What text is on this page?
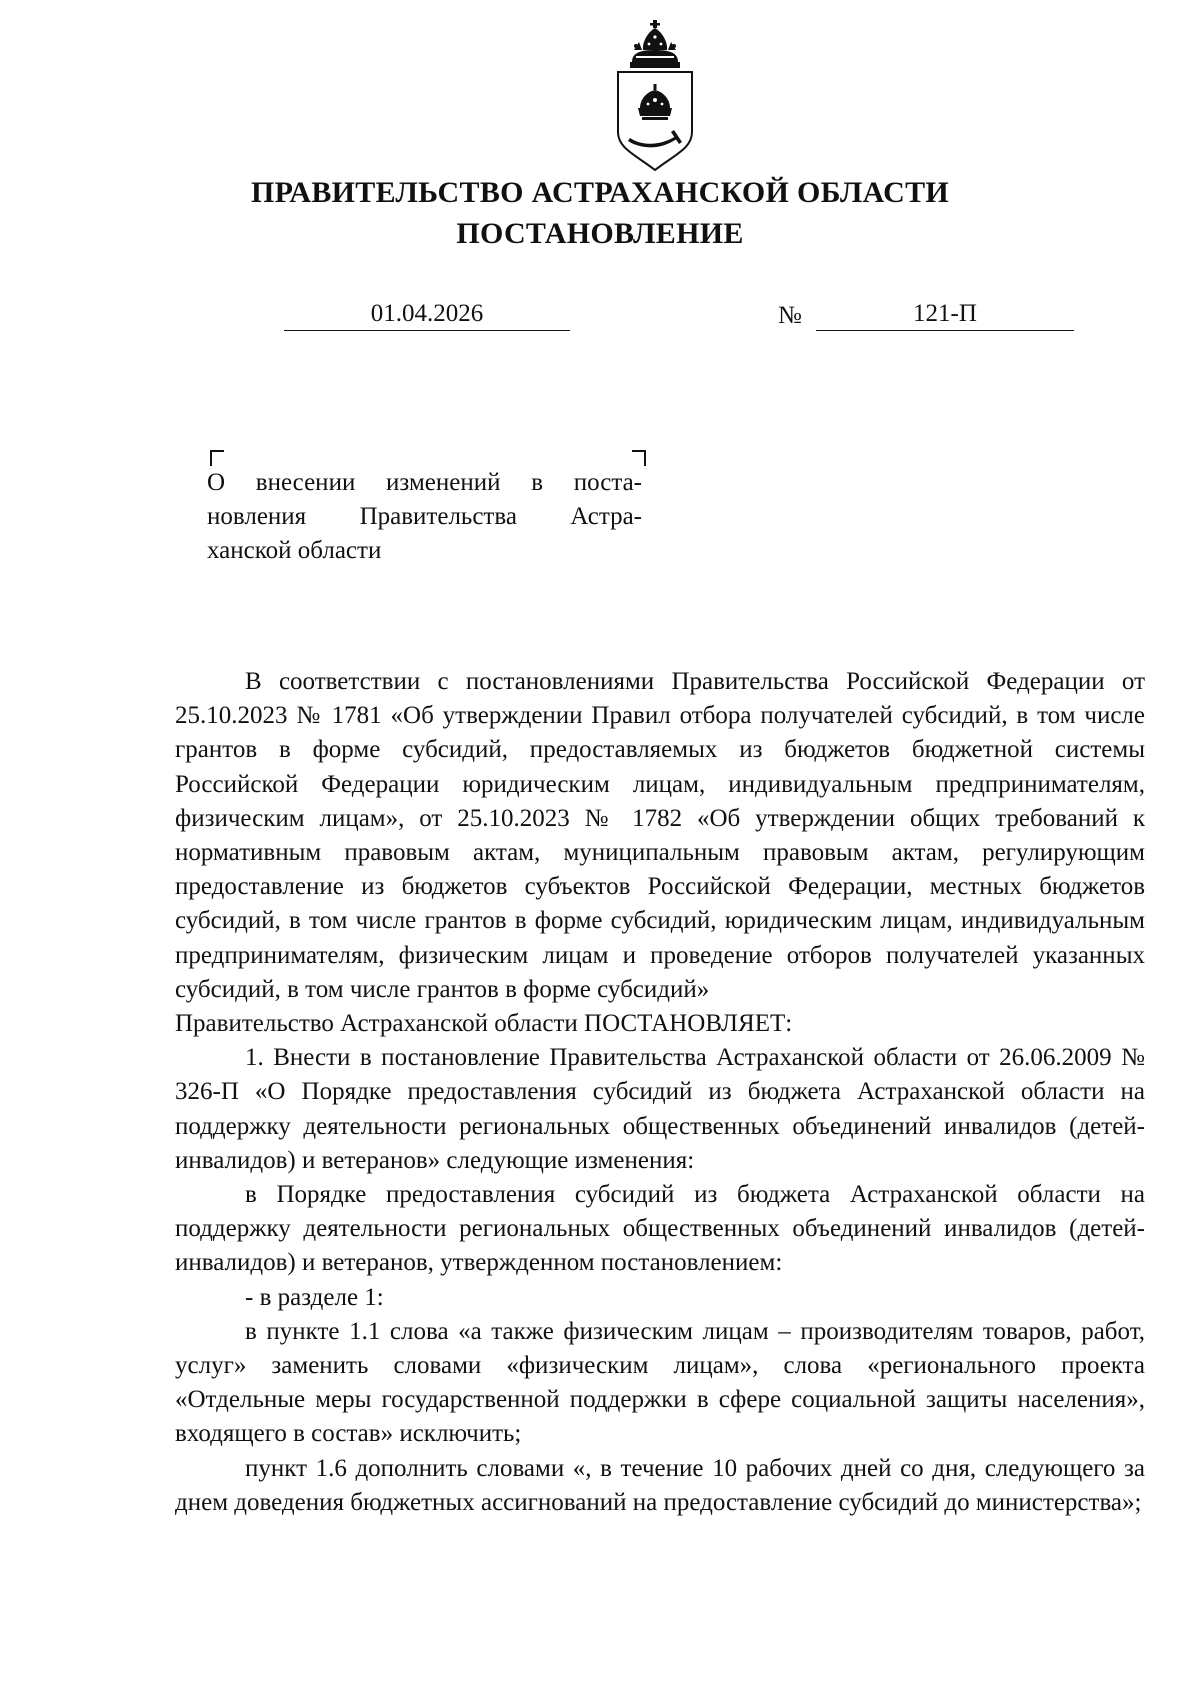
ПРАВИТЕЛЬСТВО АСТРАХАНСКОЙ ОБЛАСТИ
ПОСТАНОВЛЕНИЕ
01.04.2026	№	121-П
О внесении изменений в поста-
новления Правительства Астра-
ханской области

В соответствии с постановлениями Правительства Российской Федерации от 25.10.2023 № 1781 «Об утверждении Правил отбора получателей субсидий, в том числе грантов в форме субсидий, предоставляемых из бюджетов бюджетной системы Российской Федерации юридическим лицам, индивидуальным предпринимателям, физическим лицам», от 25.10.2023 № 1782 «Об утверждении общих требований к нормативным правовым актам, муниципальным правовым актам, регулирующим предоставление из бюджетов субъектов Российской Федерации, местных бюджетов субсидий, в том числе грантов в форме субсидий, юридическим лицам, индивидуальным предпринимателям, физическим лицам и проведение отборов получателей указанных субсидий, в том числе грантов в форме субсидий»

Правительство Астраханской области ПОСТАНОВЛЯЕТ:

1. Внести в постановление Правительства Астраханской области от 26.06.2009 № 326-П «О Порядке предоставления субсидий из бюджета Астраханской области на поддержку деятельности региональных общественных объединений инвалидов (детей-инвалидов) и ветеранов» следующие изменения:

в Порядке предоставления субсидий из бюджета Астраханской области на поддержку деятельности региональных общественных объединений инвалидов (детей-инвалидов) и ветеранов, утвержденном постановлением:

- в разделе 1:

в пункте 1.1 слова «а также физическим лицам – производителям товаров, работ, услуг» заменить словами «физическим лицам», слова «регионального проекта «Отдельные меры государственной поддержки в сфере социальной защиты населения», входящего в состав» исключить;

пункт 1.6 дополнить словами «, в течение 10 рабочих дней со дня, следующего за днем доведения бюджетных ассигнований на предоставление субсидий до министерства»;
